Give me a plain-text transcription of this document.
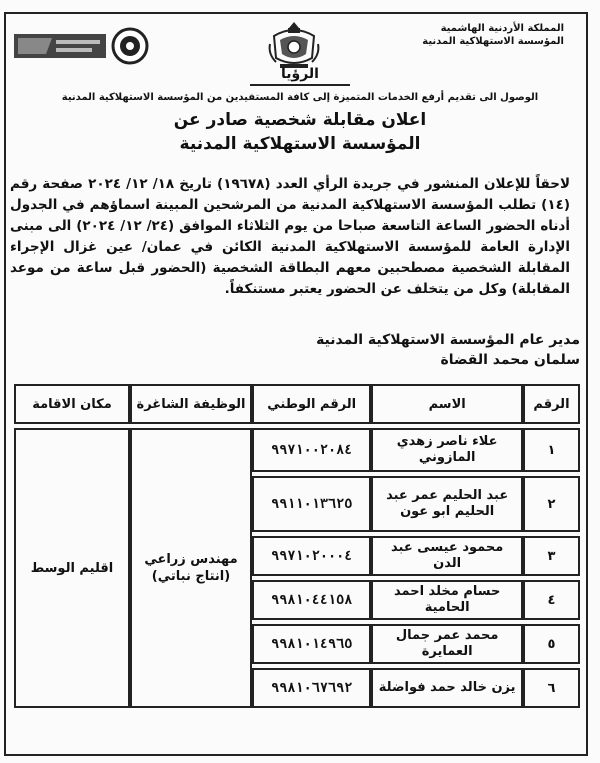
المملكة الأردنية الهاشمية
المؤسسة الاستهلاكية المدنية
الرؤيا
الوصول الى تقديم أرفع الخدمات المتميزة إلى كافة المستفيدين من المؤسسة الاستهلاكية المدنية
اعلان مقابلة شخصية صادر عن
المؤسسة الاستهلاكية المدنية
لاحقاً للإعلان المنشور في جريدة الرأي العدد (١٩٦٧٨) تاريخ ١٨/ ١٢/ ٢٠٢٤ صفحة رقم (١٤) تطلب المؤسسة الاستهلاكية المدنية من المرشحين المبينة اسماؤهم في الجدول أدناه الحضور الساعة التاسعة صباحا من يوم الثلاثاء الموافق (٢٤/ ١٢/ ٢٠٢٤) الى مبنى الإدارة العامة للمؤسسة الاستهلاكية المدنية الكائن في عمان/ عين غزال الإجراء المقابلة الشخصية مصطحبين معهم البطاقة الشخصية (الحضور قبل ساعة من موعد المقابلة) وكل من يتخلف عن الحضور يعتبر مستنكفاً.
مدير عام المؤسسة الاستهلاكية المدنية
سلمان محمد القضاة
الرقم	الاسم	الرقم الوطني	الوظيفة الشاغرة	مكان الاقامة
١	علاء ناصر زهدي المازوني	٩٩٧١٠٠٢٠٨٤	مهندس زراعي (انتاج نباتي)	اقليم الوسط
٢	عبد الحليم عمر عبد الحليم ابو عون	٩٩١١٠١٣٦٢٥		
٣	محمود عيسى عبد الدن	٩٩٧١٠٢٠٠٠٤		
٤	حسام مخلد احمد الحامية	٩٩٨١٠٤٤١٥٨		
٥	محمد عمر جمال العمايرة	٩٩٨١٠١٤٩٦٥		
٦	يزن خالد حمد فواضلة	٩٩٨١٠٦٧٦٩٢		
